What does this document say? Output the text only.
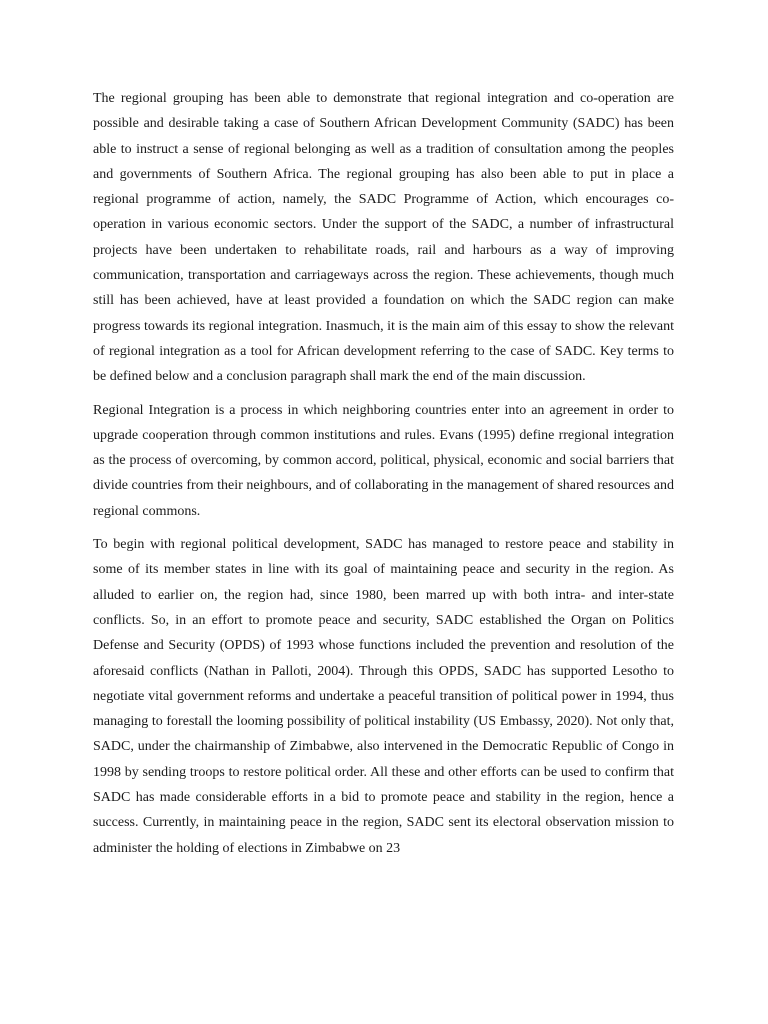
The regional grouping has been able to demonstrate that regional integration and co-operation are possible and desirable taking a case of Southern African Development Community (SADC) has been able to instruct a sense of regional belonging as well as a tradition of consultation among the peoples and governments of Southern Africa. The regional grouping has also been able to put in place a regional programme of action, namely, the SADC Programme of Action, which encourages co-operation in various economic sectors. Under the support of the SADC, a number of infrastructural projects have been undertaken to rehabilitate roads, rail and harbours as a way of improving communication, transportation and carriageways across the region. These achievements, though much still has been achieved, have at least provided a foundation on which the SADC region can make progress towards its regional integration. Inasmuch, it is the main aim of this essay to show the relevant of regional integration as a tool for African development referring to the case of SADC. Key terms to be defined below and a conclusion paragraph shall mark the end of the main discussion.

Regional Integration is a process in which neighboring countries enter into an agreement in order to upgrade cooperation through common institutions and rules. Evans (1995) define rregional integration as the process of overcoming, by common accord, political, physical, economic and social barriers that divide countries from their neighbours, and of collaborating in the management of shared resources and regional commons.

To begin with regional political development, SADC has managed to restore peace and stability in some of its member states in line with its goal of maintaining peace and security in the region. As alluded to earlier on, the region had, since 1980, been marred up with both intra- and inter-state conflicts. So, in an effort to promote peace and security, SADC established the Organ on Politics Defense and Security (OPDS) of 1993 whose functions included the prevention and resolution of the aforesaid conflicts (Nathan in Palloti, 2004). Through this OPDS, SADC has supported Lesotho to negotiate vital government reforms and undertake a peaceful transition of political power in 1994, thus managing to forestall the looming possibility of political instability (US Embassy, 2020). Not only that, SADC, under the chairmanship of Zimbabwe, also intervened in the Democratic Republic of Congo in 1998 by sending troops to restore political order. All these and other efforts can be used to confirm that SADC has made considerable efforts in a bid to promote peace and stability in the region, hence a success. Currently, in maintaining peace in the region, SADC sent its electoral observation mission to administer the holding of elections in Zimbabwe on 23
